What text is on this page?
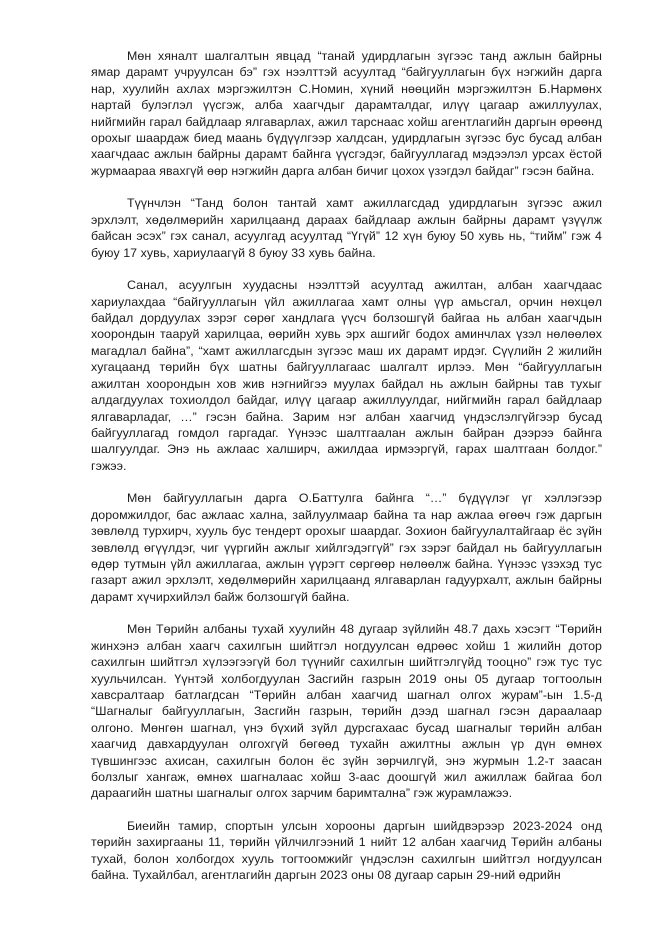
Мөн хяналт шалгалтын явцад “танай удирдлагын зүгээс танд ажлын байрны ямар дарамт учруулсан бэ” гэх нээлттэй асуултад “байгууллагын бүх нэгжийн дарга нар, хуулийн ахлах мэргэжилтэн С.Номин, хүний нөөцийн мэргэжилтэн Б.Нармөнх нартай булэглэл үүсгэж, алба хаагчдыг дарамталдаг, илүү цагаар ажиллуулах, нийгмийн гарал байдлаар ялгаварлах, ажил тарснаас хойш агентлагийн даргын өрөөнд орохыг шаардаж биед маань бүдүүлгээр халдсан, удирдлагын зүгээс бус бусад албан хаагчдаас ажлын байрны дарамт байнга үүсгэдэг, байгууллагад мэдээлэл урсах ёстой журмаараа явахгүй өөр нэгжийн дарга албан бичиг цохох үзэгдэл байдаг” гэсэн байна.

Түүнчлэн “Танд болон тантай хамт ажиллагсдад удирдлагын зүгээс ажил эрхлэлт, хөдөлмөрийн харилцаанд дараах байдлаар ажлын байрны дарамт үзүүлж байсан эсэх” гэх санал, асуулгад асуултад “Үгүй” 12 хүн буюу 50 хувь нь, “тийм” гэж 4 буюу 17 хувь, хариулаагүй 8 буюу 33 хувь байна.

Санал, асуулгын хуудасны нээлттэй асуултад ажилтан, албан хаагчдаас хариулахдаа “байгууллагын үйл ажиллагаа хамт олны үүр амьсгал, орчин нөхцөл байдал дордуулах зэрэг сөрөг хандлага үүсч болзошгүй байгаа нь албан хаагчдын хоорондын тааруй харилцаа, өөрийн хувь эрх ашгийг бодох аминчлах үзэл нөлөөлөх магадлал байна”, “хамт ажиллагсдын зүгээс маш их дарамт ирдэг. Сүүлийн 2 жилийн хугацаанд төрийн бүх шатны байгууллагаас шалгалт ирлээ. Мөн “байгууллагын ажилтан хоорондын хов жив нэгнийгээ муулах байдал нь ажлын байрны тав тухыг алдагдуулах тохиолдол байдаг, илүү цагаар ажиллуулдаг, нийгмийн гарал байдлаар ялгаварладаг, …” гэсэн байна. Зарим нэг албан хаагчид үндэслэлгүйгээр бусад байгууллагад гомдол гаргадаг. Үүнээс шалтгаалан ажлын байран дээрээ байнга шалгуулдаг. Энэ нь ажлаас халширч, ажилдаа ирмээргүй, гарах шалтгаан болдог.” гэжээ.

Мөн байгууллагын дарга О.Баттулга байнга “…” бүдүүлэг үг хэллэгээр доромжилдог, бас ажлаас халнa, зайлуулмаар байна та нар ажлаа өгөөч гэж даргын зөвлөлд турхирч, хууль бус тендерт орохыг шаардаг. Зохион байгуулалтайгаар ёс зүйн зөвлөлд өгүүлдэг, чиг үүргийн ажлыг хийлгэдэггүй” гэх зэрэг байдал нь байгууллагын өдөр тутмын үйл ажиллагаа, ажлын үүрэгт сөргөөр нөлөөлж байна. Үүнээс үзэхэд тус газарт ажил эрхлэлт, хөдөлмөрийн харилцаанд ялгаварлан гадуурхалт, ажлын байрны дарамт хүчирхийлэл байж болзошгүй байна.

Мөн Төрийн албаны тухай хуулийн 48 дугаар зүйлийн 48.7 дахь хэсэгт “Төрийн жинхэнэ албан хаагч сахилгын шийтгэл ногдуулсан өдрөөс хойш 1 жилийн дотор сахилгын шийтгэл хүлээгээгүй бол түүнийг сахилгын шийтгэлгүйд тооцно” гэж тус тус хуульчилсан. Үүнтэй холбогдуулан Засгийн газрын 2019 оны 05 дугаар тогтоолын хавсралтаар батлагдсан “Төрийн албан хаагчид шагнал олгох журам”-ын 1.5-д “Шагналыг байгууллагын, Засгийн газрын, төрийн дээд шагнал гэсэн дараалаар олгоно. Мөнгөн шагнал, үнэ бүхий зүйл дурсгахаас бусад шагналыг төрийн албан хаагчид давхардуулан олгохгүй бөгөөд тухайн ажилтны ажлын үр дүн өмнөх түвшингээс ахисан, сахилгын болон ёс зүйн зөрчилгүй, энэ журмын 1.2-т заасан болзлыг хангаж, өмнөх шагналаас хойш 3-аас доошгүй жил ажиллаж байгаа бол дараагийн шатны шагналыг олгох зарчим баримтална” гэж журамлажээ.

Биеийн тамир, спортын улсын хорооны даргын шийдвэрээр 2023-2024 онд төрийн захиргааны 11, төрийн үйлчилгээний 1 нийт 12 албан хаагчид Төрийн албаны тухай, болон холбогдох хууль тогтоомжийг үндэслэн сахилгын шийтгэл ногдуулсан байна. Тухайлбал, агентлагийн даргын 2023 оны 08 дугаар сарын 29-ний өдрийн
